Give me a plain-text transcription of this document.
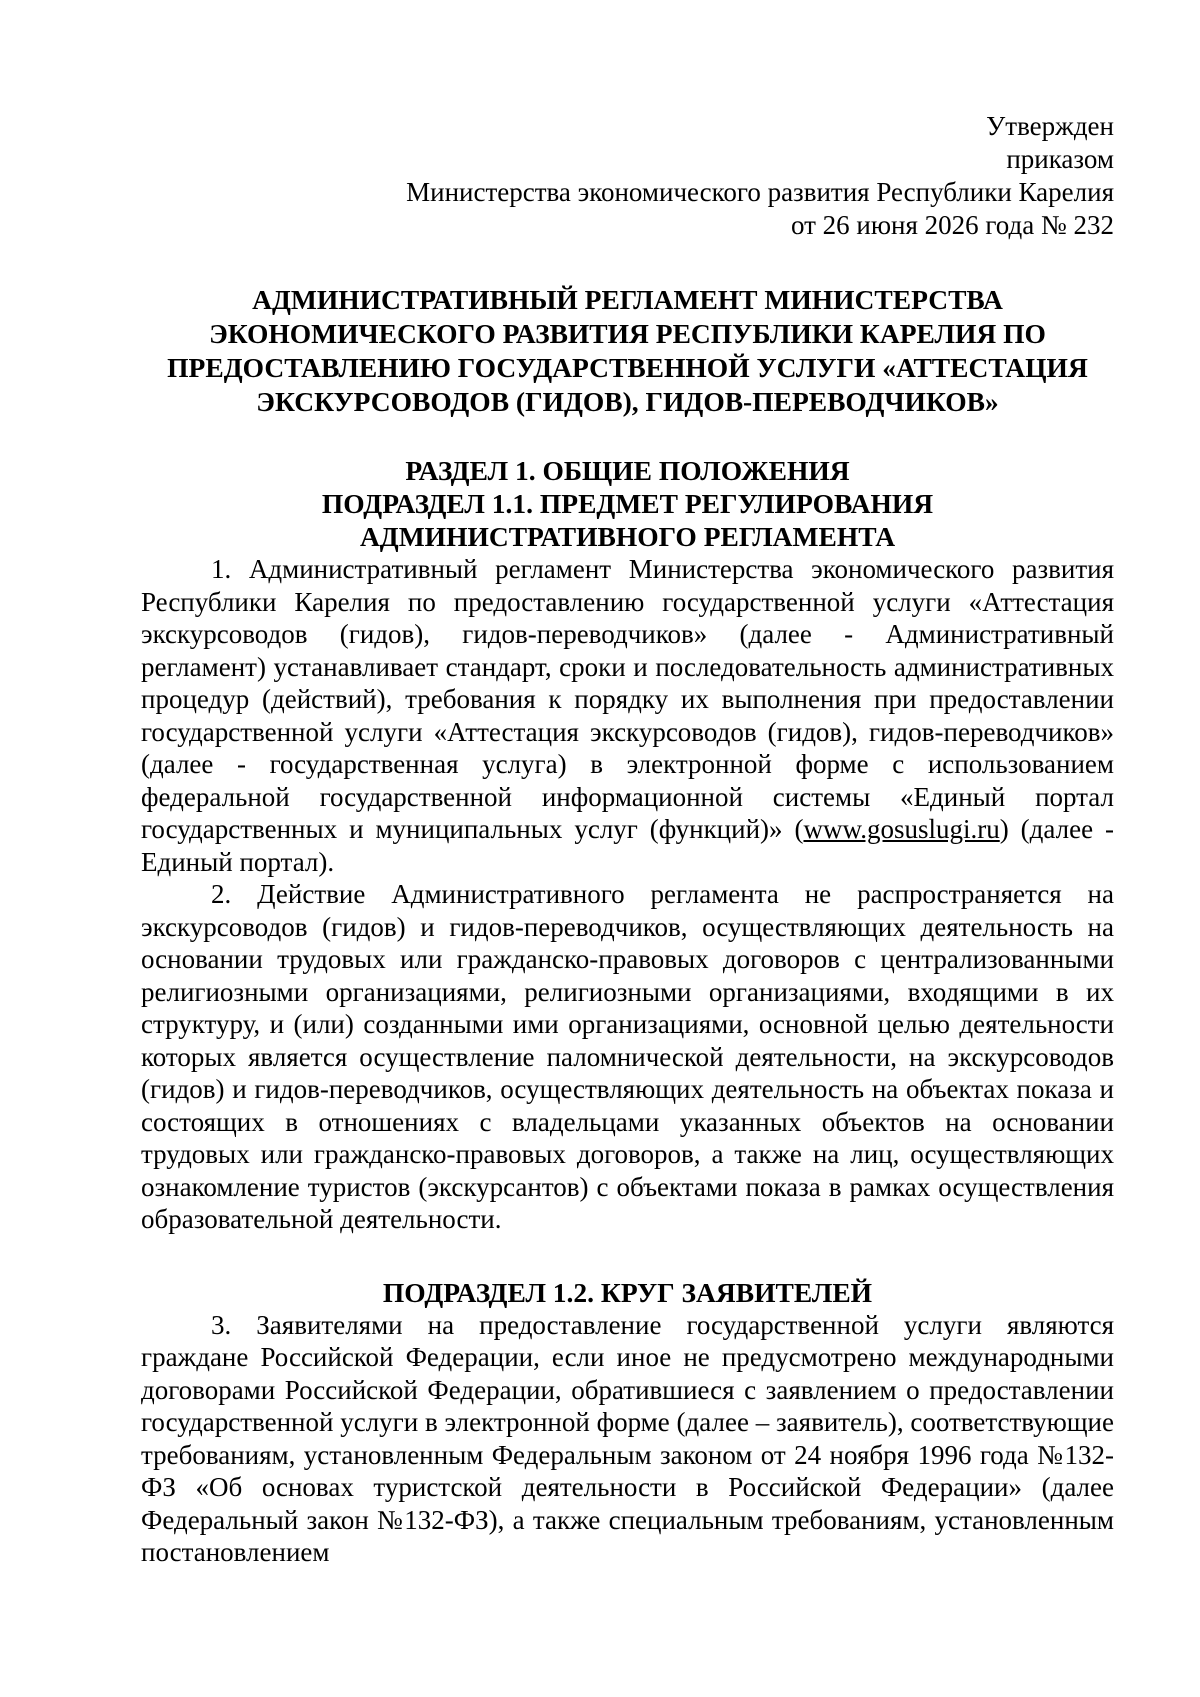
Утвержден
приказом
Министерства экономического развития Республики Карелия
от 26 июня 2026 года № 232
АДМИНИСТРАТИВНЫЙ РЕГЛАМЕНТ МИНИСТЕРСТВА
ЭКОНОМИЧЕСКОГО РАЗВИТИЯ РЕСПУБЛИКИ КАРЕЛИЯ ПО
ПРЕДОСТАВЛЕНИЮ ГОСУДАРСТВЕННОЙ УСЛУГИ «АТТЕСТАЦИЯ
ЭКСКУРСОВОДОВ (ГИДОВ), ГИДОВ-ПЕРЕВОДЧИКОВ»
РАЗДЕЛ 1. ОБЩИЕ ПОЛОЖЕНИЯ
ПОДРАЗДЕЛ 1.1. ПРЕДМЕТ РЕГУЛИРОВАНИЯ
АДМИНИСТРАТИВНОГО РЕГЛАМЕНТА

1. Административный регламент Министерства экономического развития Республики Карелия по предоставлению государственной услуги «Аттестация экскурсоводов (гидов), гидов-переводчиков» (далее - Административный регламент) устанавливает стандарт, сроки и последовательность административных процедур (действий), требования к порядку их выполнения при предоставлении государственной услуги «Аттестация экскурсоводов (гидов), гидов-переводчиков» (далее - государственная услуга) в электронной форме с использованием федеральной государственной информационной системы «Единый портал государственных и муниципальных услуг (функций)» (www.gosuslugi.ru) (далее - Единый портал).

2. Действие Административного регламента не распространяется на экскурсоводов (гидов) и гидов-переводчиков, осуществляющих деятельность на основании трудовых или гражданско-правовых договоров с централизованными религиозными организациями, религиозными организациями, входящими в их структуру, и (или) созданными ими организациями, основной целью деятельности которых является осуществление паломнической деятельности, на экскурсоводов (гидов) и гидов-переводчиков, осуществляющих деятельность на объектах показа и состоящих в отношениях с владельцами указанных объектов на основании трудовых или гражданско-правовых договоров, а также на лиц, осуществляющих ознакомление туристов (экскурсантов) с объектами показа в рамках осуществления образовательной деятельности.

ПОДРАЗДЕЛ 1.2. КРУГ ЗАЯВИТЕЛЕЙ

3. Заявителями на предоставление государственной услуги являются граждане Российской Федерации, если иное не предусмотрено международными договорами Российской Федерации, обратившиеся с заявлением о предоставлении государственной услуги в электронной форме (далее – заявитель), соответствующие требованиям, установленным Федеральным законом от 24 ноября 1996 года №132-ФЗ «Об основах туристской деятельности в Российской Федерации» (далее Федеральный закон №132-ФЗ), а также специальным требованиям, установленным постановлением
